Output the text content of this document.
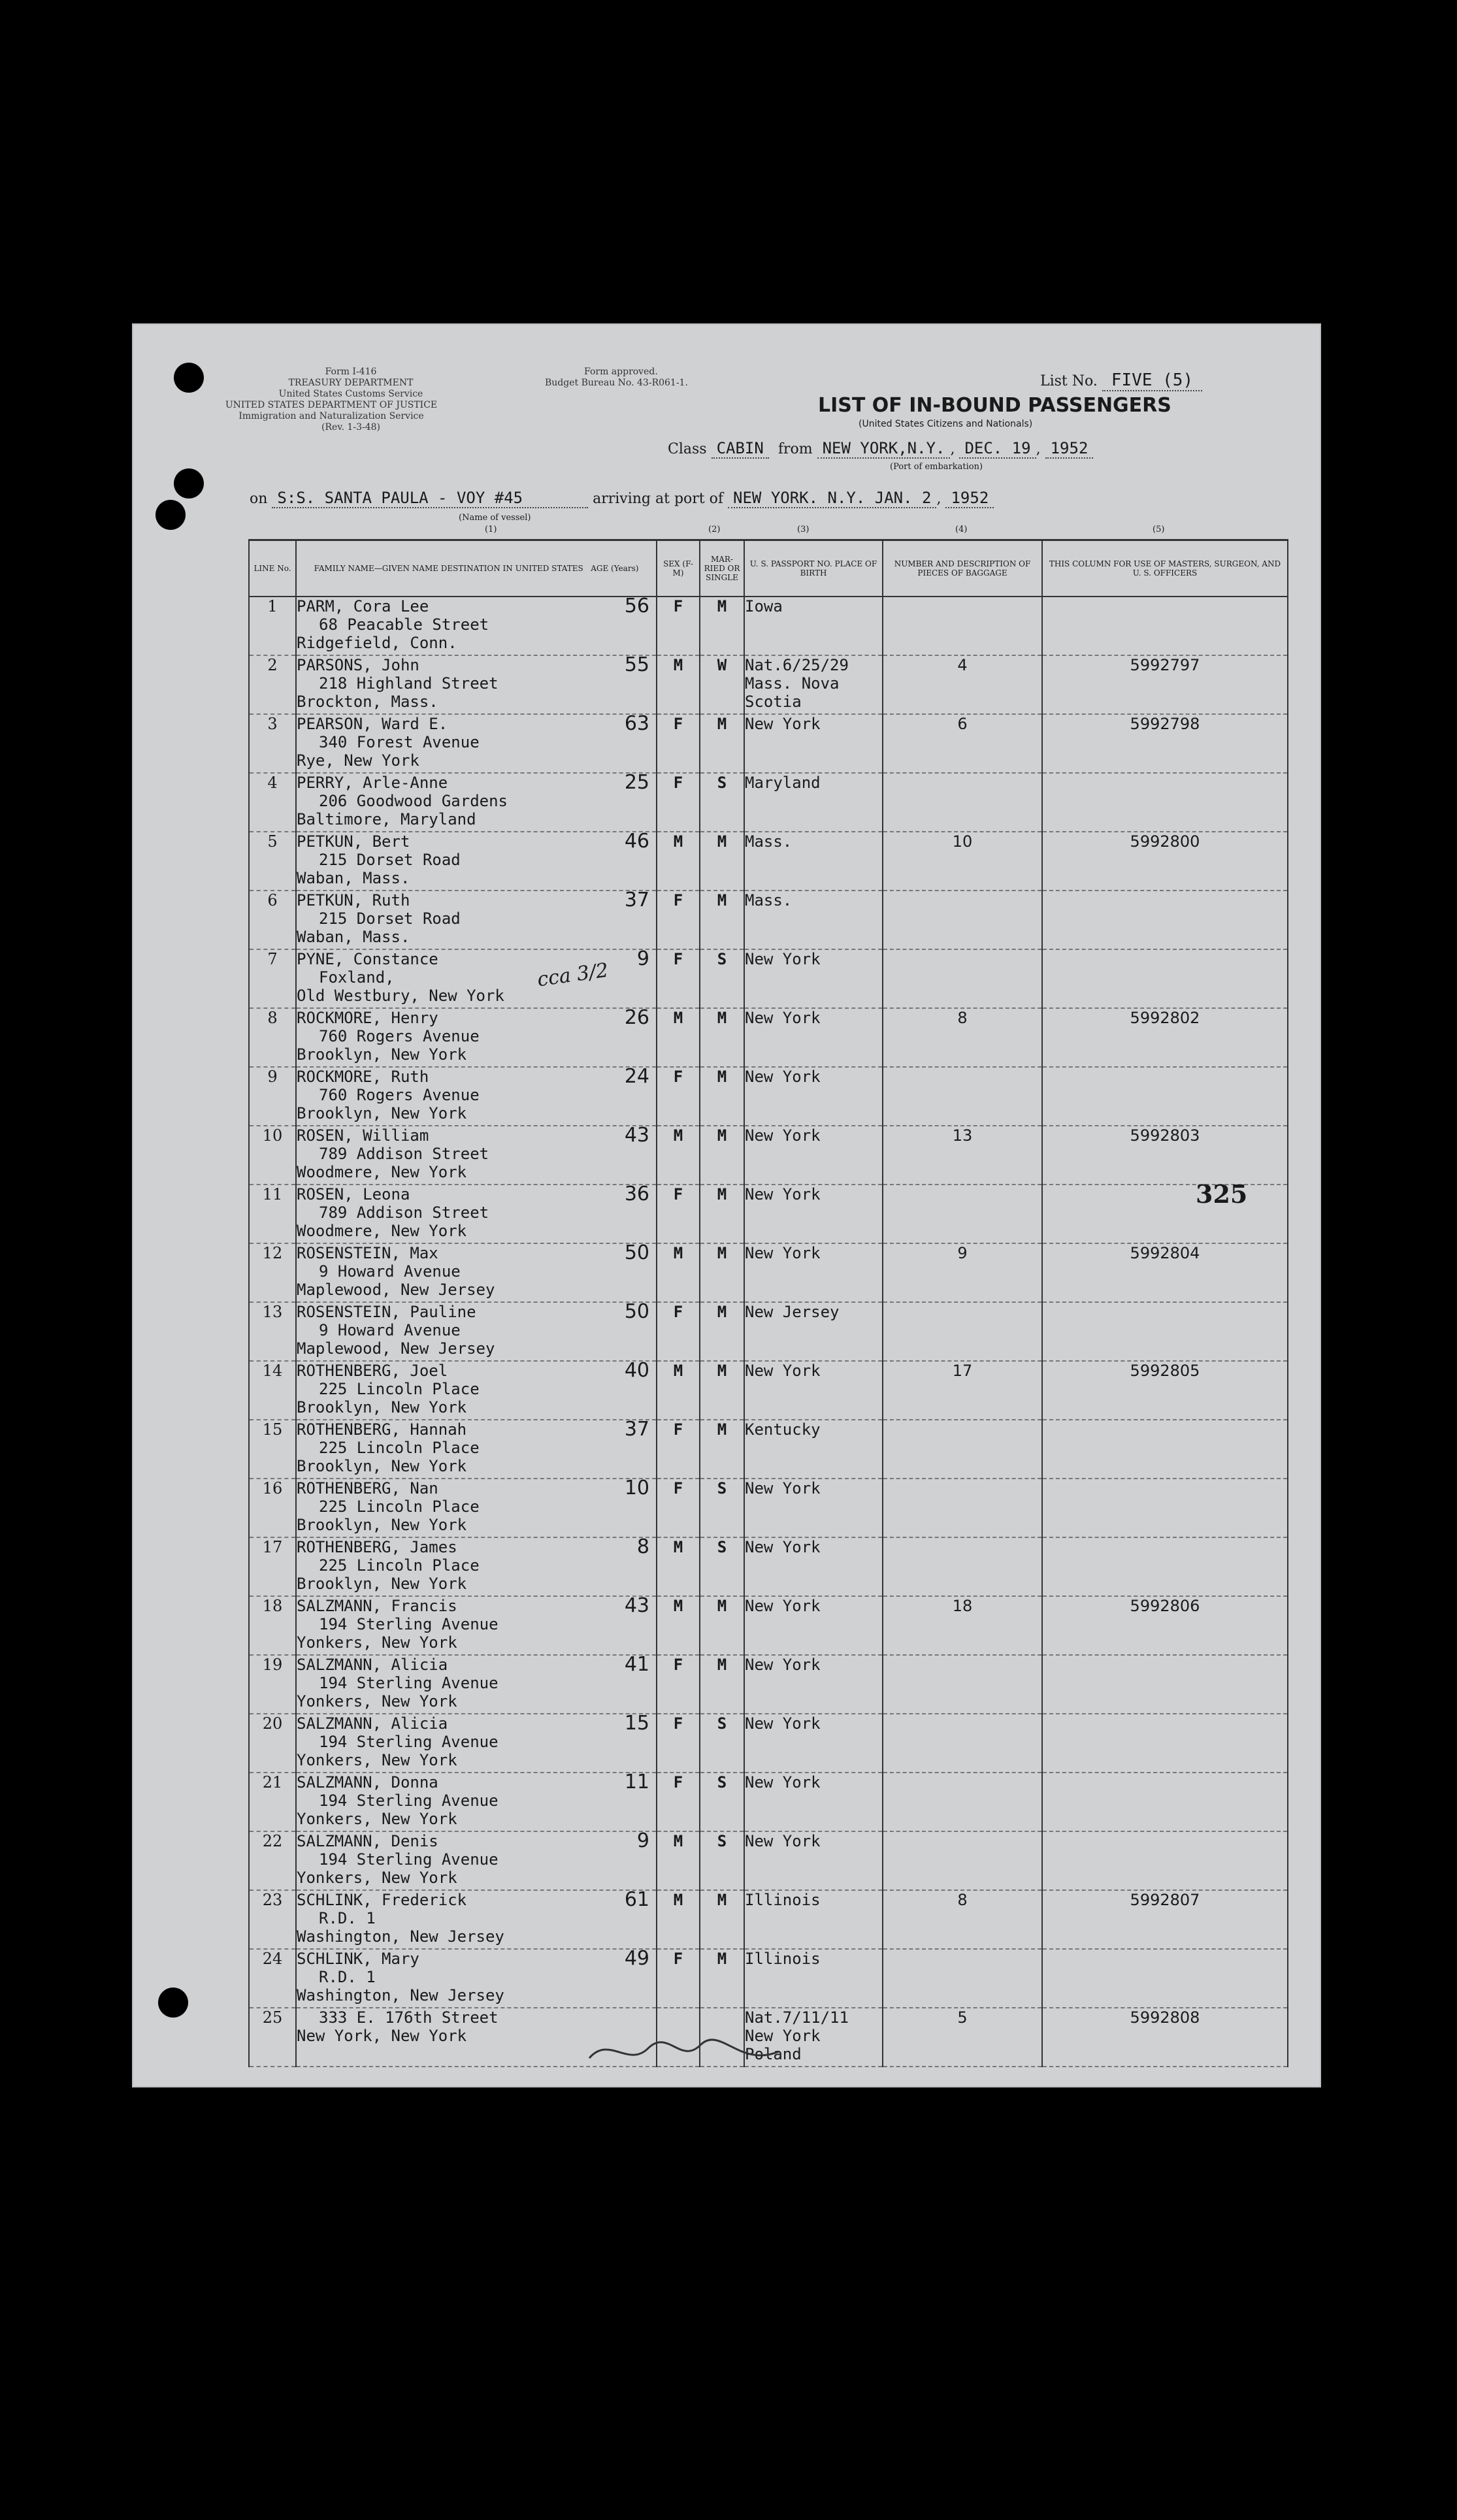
Form I-416
TREASURY DEPARTMENT
United States Customs Service
UNITED STATES DEPARTMENT OF JUSTICE
Immigration and Naturalization Service
(Rev. 1-3-48)
Form approved.
Budget Bureau No. 43-R061-1.	List No. FIVE (5)
LIST OF IN-BOUND PASSENGERS
(United States Citizens and Nationals)
Class CABIN from NEW YORK,N.Y. , DEC. 19 , 1952
(Port of embarkation)
on S:S. SANTA PAULA - VOY #45	arriving at port of NEW YORK. N.Y. JAN. 2 , 1952
(Name of vessel)
(1)	(2)	(3)	(4)	(5)
LINE No.	FAMILY NAME—GIVEN NAME DESTINATION IN UNITED STATES AGE (Years)	SEX (F-M)	MAR-RIED OR SINGLE	U. S. PASSPORT NO. PLACE OF BIRTH	NUMBER AND DESCRIPTION OF PIECES OF BAGGAGE	THIS COLUMN FOR USE OF MASTERS, SURGEON, AND U. S. OFFICERS
1	PARM, Cora Lee
68 Peacable Street
Ridgefield, Conn.
56	F	M	Iowa		
2	PARSONS, John
218 Highland Street
Brockton, Mass.
55	M	W	Nat.6/25/29 Mass. Nova Scotia	4	5992797
3	PEARSON, Ward E.
340 Forest Avenue
Rye, New York
63	F	M	New York	6	5992798
4	PERRY, Arle-Anne
206 Goodwood Gardens
Baltimore, Maryland
25	F	S	Maryland		
5	PETKUN, Bert
215 Dorset Road
Waban, Mass.
46	M	M	Mass.	10	5992800
6	PETKUN, Ruth
215 Dorset Road
Waban, Mass.
37	F	M	Mass.		
7	PYNE, Constance
Foxland,
Old Westbury, New York
9	F	S	New York		
8	ROCKMORE, Henry
760 Rogers Avenue
Brooklyn, New York
26	M	M	New York	8	5992802
9	ROCKMORE, Ruth
760 Rogers Avenue
Brooklyn, New York
24	F	M	New York		
10	ROSEN, William
789 Addison Street
Woodmere, New York
43	M	M	New York	13	5992803
11	ROSEN, Leona
789 Addison Street
Woodmere, New York
36	F	M	New York		
12	ROSENSTEIN, Max
9 Howard Avenue
Maplewood, New Jersey
50	M	M	New York	9	5992804
13	ROSENSTEIN, Pauline
9 Howard Avenue
Maplewood, New Jersey
50	F	M	New Jersey		
14	ROTHENBERG, Joel
225 Lincoln Place
Brooklyn, New York
40	M	M	New York	17	5992805
15	ROTHENBERG, Hannah
225 Lincoln Place
Brooklyn, New York
37	F	M	Kentucky		
16	ROTHENBERG, Nan
225 Lincoln Place
Brooklyn, New York
10	F	S	New York		
17	ROTHENBERG, James
225 Lincoln Place
Brooklyn, New York
8	M	S	New York		
18	SALZMANN, Francis
194 Sterling Avenue
Yonkers, New York
43	M	M	New York	18	5992806
19	SALZMANN, Alicia
194 Sterling Avenue
Yonkers, New York
41	F	M	New York		
20	SALZMANN, Alicia
194 Sterling Avenue
Yonkers, New York
15	F	S	New York		
21	SALZMANN, Donna
194 Sterling Avenue
Yonkers, New York
11	F	S	New York		
22	SALZMANN, Denis
194 Sterling Avenue
Yonkers, New York
9	M	S	New York		
23	SCHLINK, Frederick
R.D. 1
Washington, New Jersey
61	M	M	Illinois	8	5992807
24	SCHLINK, Mary
R.D. 1
Washington, New Jersey
49	F	M	Illinois		
25	333 E. 176th Street
New York, New York			Nat.7/11/11 New York Poland	5	5992808
325
cca 3/2
